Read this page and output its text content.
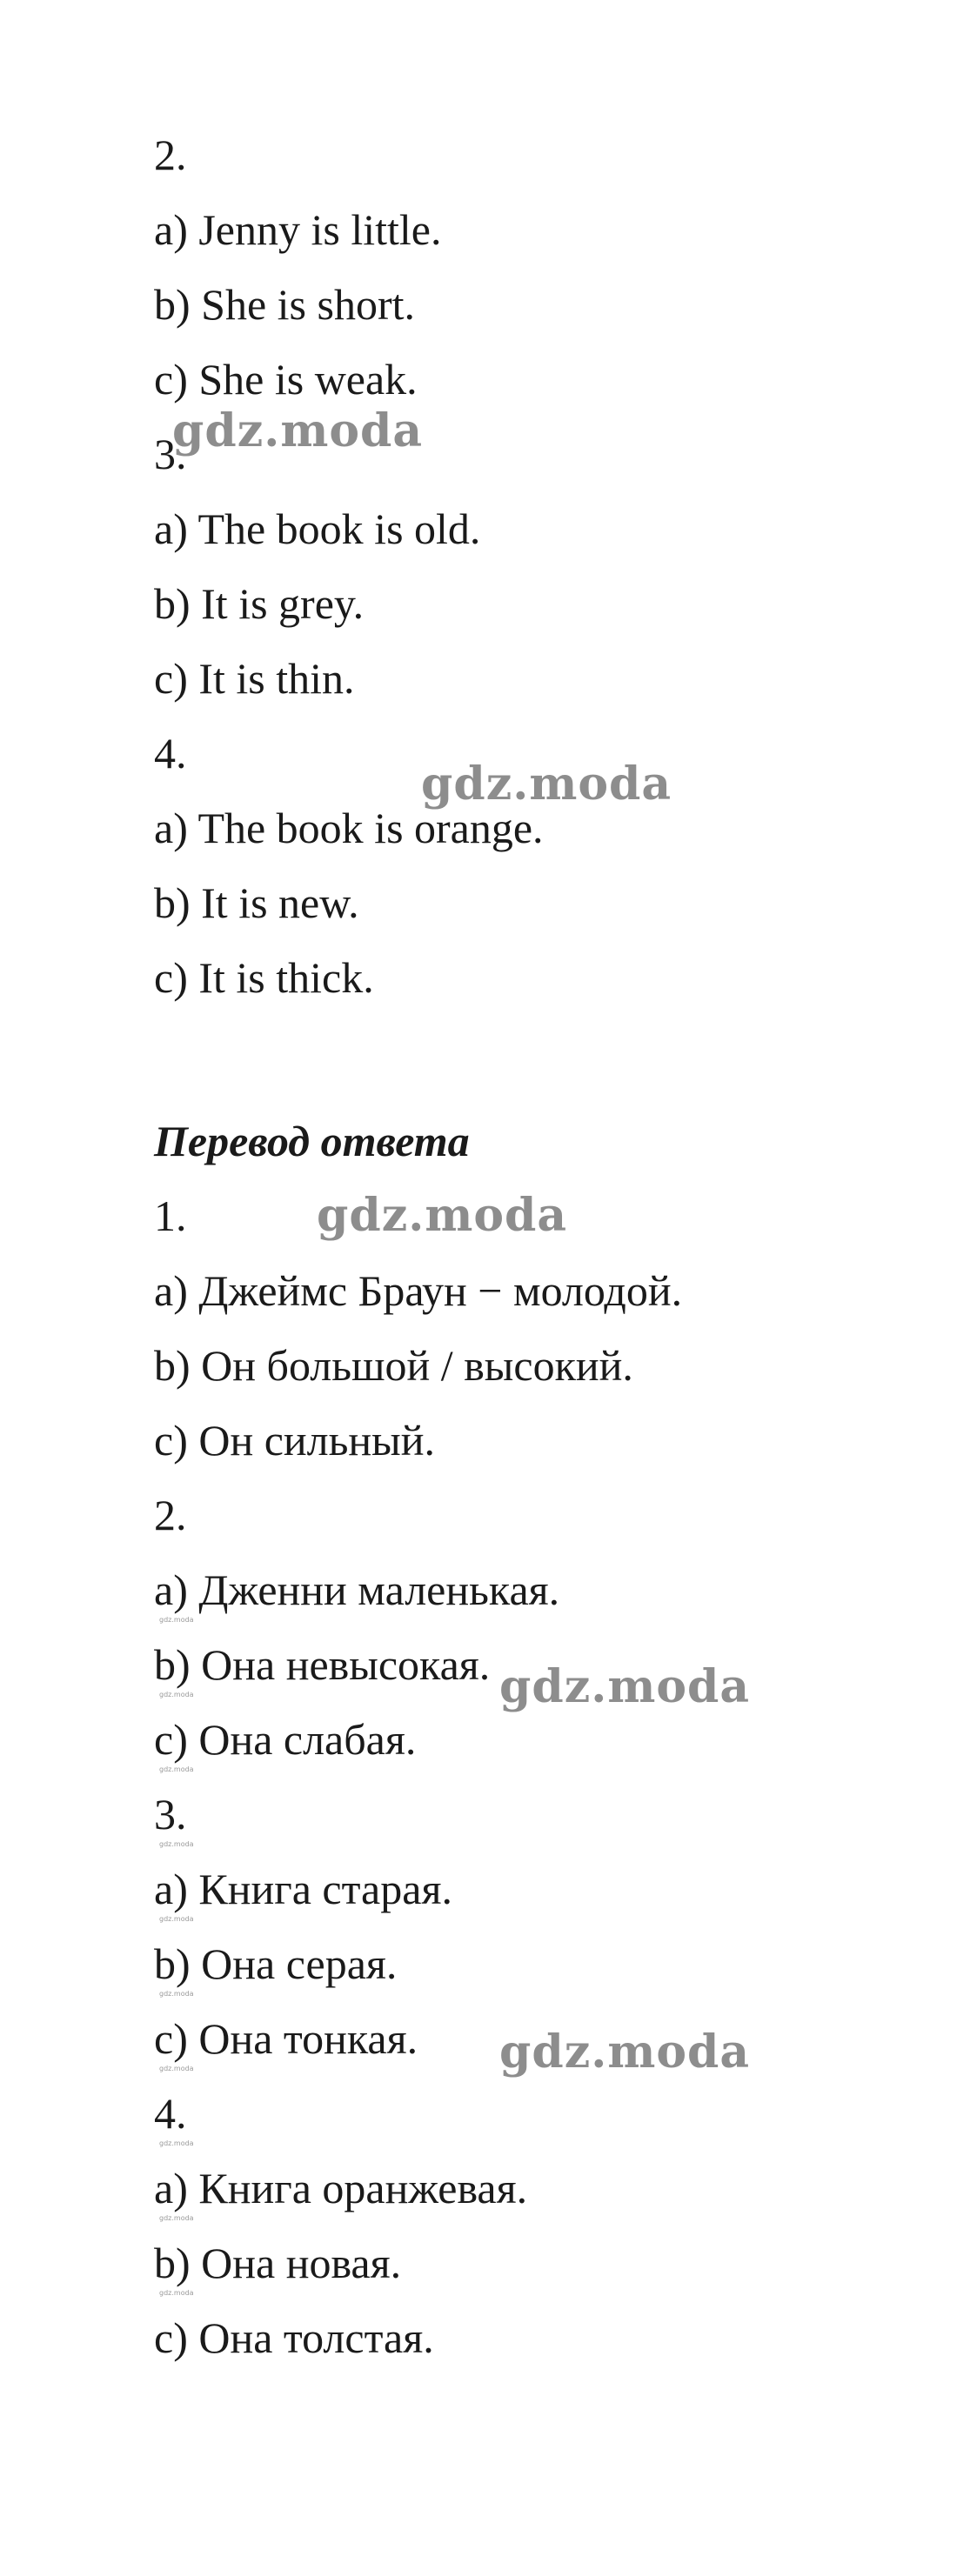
2.
a) Jenny is little.
b) She is short.
c) She is weak.
3.
a) The book is old.
b) It is grey.
c) It is thin.
4.
a) The book is orange.
b) It is new.
c) It is thick.
Перевод ответа
1.
a) Джеймс Браун − молодой.
b) Он большой / высокий.
c) Он сильный.
2.
a) Дженни маленькая.
b) Она невысокая.
c) Она слабая.
3.
a) Книга старая.
b) Она серая.
c) Она тонкая.
4.
a) Книга оранжевая.
b) Она новая.
c) Она толстая.
gdz.moda
gdz.moda
gdz.moda
gdz.moda
gdz.moda
gdz.moda
gdz.moda
gdz.moda
gdz.moda
gdz.moda
gdz.moda
gdz.moda
gdz.moda
gdz.moda
gdz.moda
